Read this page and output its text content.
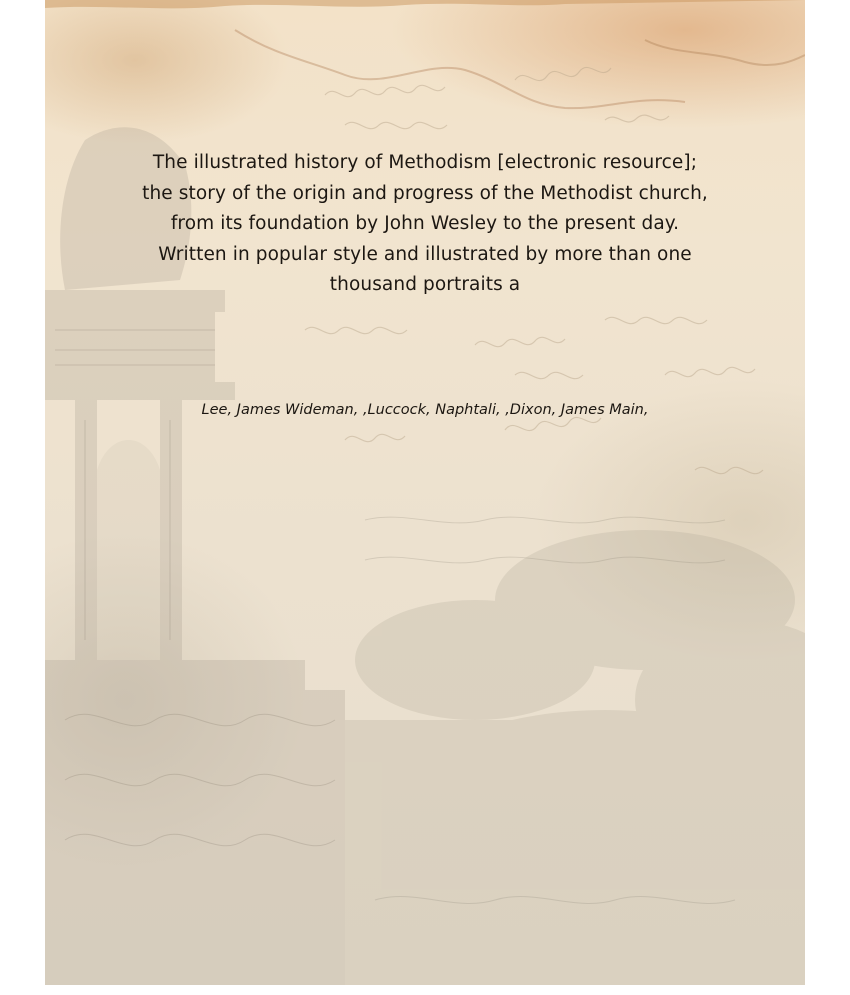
The illustrated history of Methodism [electronic resource]; the story of the origin and progress of the Methodist church, from its foundation by John Wesley to the present day. Written in popular style and illustrated by more than one thousand portraits a

Lee, James Wideman, ,Luccock, Naphtali, ,Dixon, James Main,
